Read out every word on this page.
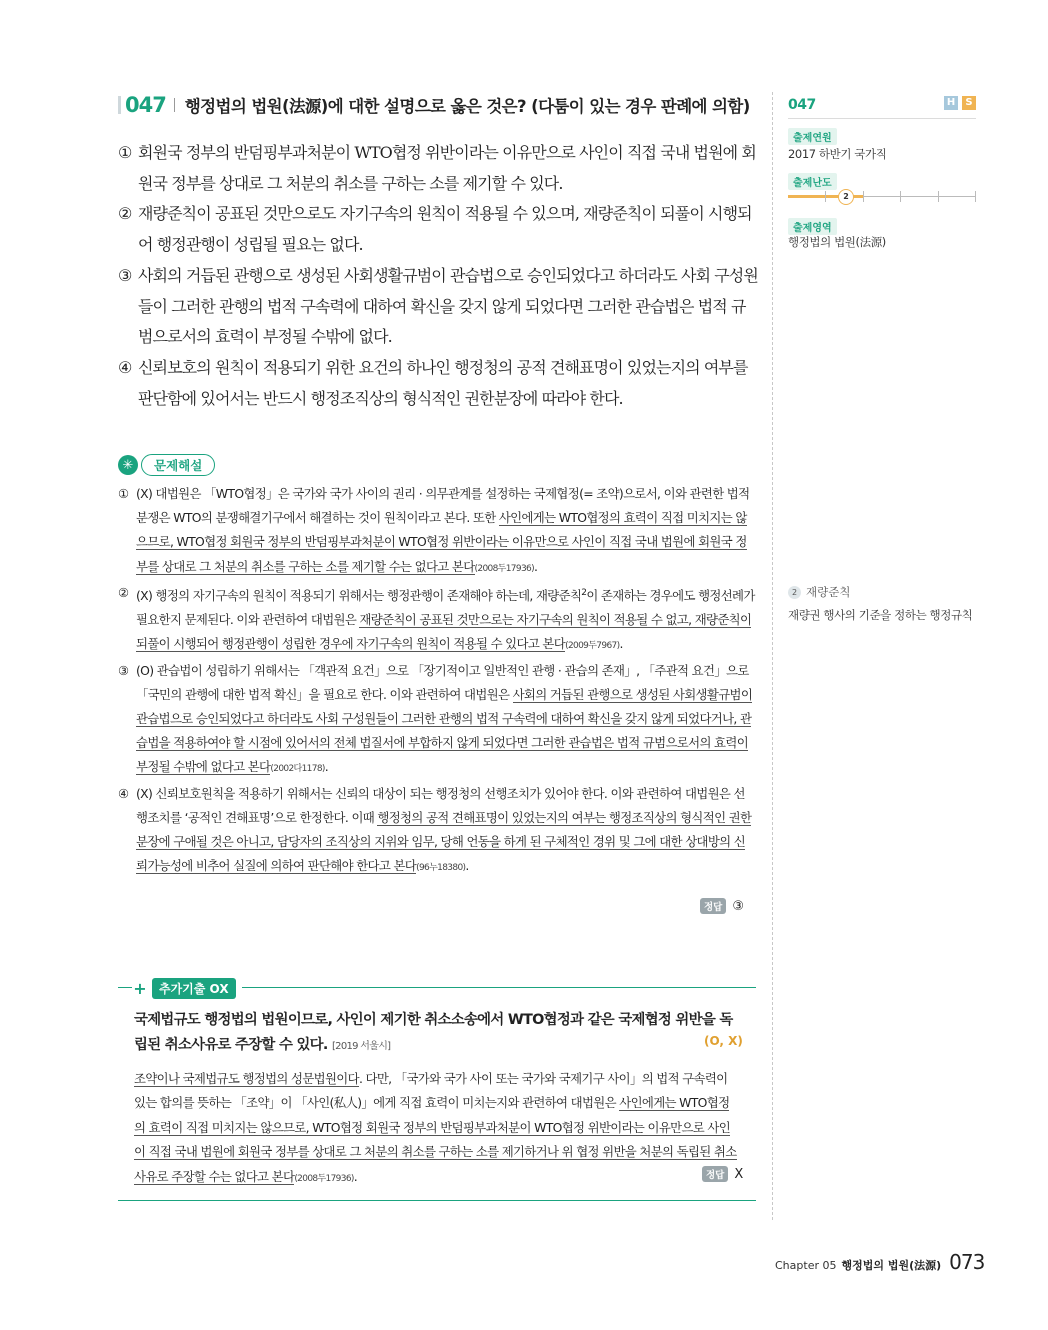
047 행정법의 법원(法源)에 대한 설명으로 옳은 것은? (다툼이 있는 경우 판례에 의함)
① 회원국 정부의 반덤핑부과처분이 WTO협정 위반이라는 이유만으로 사인이 직접 국내 법원에 회원국 정부를 상대로 그 처분의 취소를 구하는 소를 제기할 수 있다.
② 재량준칙이 공표된 것만으로도 자기구속의 원칙이 적용될 수 있으며, 재량준칙이 되풀이 시행되어 행정관행이 성립될 필요는 없다.
③ 사회의 거듭된 관행으로 생성된 사회생활규범이 관습법으로 승인되었다고 하더라도 사회 구성원들이 그러한 관행의 법적 구속력에 대하여 확신을 갖지 않게 되었다면 그러한 관습법은 법적 규범으로서의 효력이 부정될 수밖에 없다.
④ 신뢰보호의 원칙이 적용되기 위한 요건의 하나인 행정청의 공적 견해표명이 있었는지의 여부를 판단함에 있어서는 반드시 행정조직상의 형식적인 권한분장에 따라야 한다.
047	H	S
출제연원
2017 하반기 국가직
출제난도
2
출제영역
행정법의 법원(法源)
2 재량준칙
재량권 행사의 기준을 정하는 행정규칙
✳	문제해설
① (X) 대법원은 「WTO협정」은 국가와 국가 사이의 권리 · 의무관계를 설정하는 국제협정(= 조약)으로서, 이와 관련한 법적 분쟁은 WTO의 분쟁해결기구에서 해결하는 것이 원칙이라고 본다. 또한 사인에게는 WTO협정의 효력이 직접 미치지는 않으므로, WTO협정 회원국 정부의 반덤핑부과처분이 WTO협정 위반이라는 이유만으로 사인이 직접 국내 법원에 회원국 정부를 상대로 그 처분의 취소를 구하는 소를 제기할 수는 없다고 본다(2008두17936).
② (X) 행정의 자기구속의 원칙이 적용되기 위해서는 행정관행이 존재해야 하는데, 재량준칙$^2$이 존재하는 경우에도 행정선례가 필요한지 문제된다. 이와 관련하여 대법원은 재량준칙이 공표된 것만으로는 자기구속의 원칙이 적용될 수 없고, 재량준칙이 되풀이 시행되어 행정관행이 성립한 경우에 자기구속의 원칙이 적용될 수 있다고 본다(2009두7967).
③ (O) 관습법이 성립하기 위해서는 「객관적 요건」으로 「장기적이고 일반적인 관행 · 관습의 존재」, 「주관적 요건」으로 「국민의 관행에 대한 법적 확신」을 필요로 한다. 이와 관련하여 대법원은 사회의 거듭된 관행으로 생성된 사회생활규범이 관습법으로 승인되었다고 하더라도 사회 구성원들이 그러한 관행의 법적 구속력에 대하여 확신을 갖지 않게 되었다거나, 관습법을 적용하여야 할 시점에 있어서의 전체 법질서에 부합하지 않게 되었다면 그러한 관습법은 법적 규범으로서의 효력이 부정될 수밖에 없다고 본다(2002다1178).
④ (X) 신뢰보호원칙을 적용하기 위해서는 신뢰의 대상이 되는 행정청의 선행조치가 있어야 한다. 이와 관련하여 대법원은 선행조치를 ‘공적인 견해표명’으로 한정한다. 이때 행정청의 공적 견해표명이 있었는지의 여부는 행정조직상의 형식적인 권한분장에 구애될 것은 아니고, 담당자의 조직상의 지위와 임무, 당해 언동을 하게 된 구체적인 경위 및 그에 대한 상대방의 신뢰가능성에 비추어 실질에 의하여 판단해야 한다고 본다(96누18380).
정답 ③
+	추가기출 OX
국제법규도 행정법의 법원이므로, 사인이 제기한 취소소송에서 WTO협정과 같은 국제협정 위반을 독립된 취소사유로 주장할 수 있다. [2019 서울시]	(O, X)
조약이나 국제법규도 행정법의 성문법원이다. 다만, 「국가와 국가 사이 또는 국가와 국제기구 사이」의 법적 구속력이 있는 합의를 뜻하는 「조약」이 「사인(私人)」에게 직접 효력이 미치는지와 관련하여 대법원은 사인에게는 WTO협정의 효력이 직접 미치지는 않으므로, WTO협정 회원국 정부의 반덤핑부과처분이 WTO협정 위반이라는 이유만으로 사인이 직접 국내 법원에 회원국 정부를 상대로 그 처분의 취소를 구하는 소를 제기하거나 위 협정 위반을 처분의 독립된 취소사유로 주장할 수는 없다고 본다(2008두17936).	정답 X
Chapter 05 행정법의 법원(法源) 073
